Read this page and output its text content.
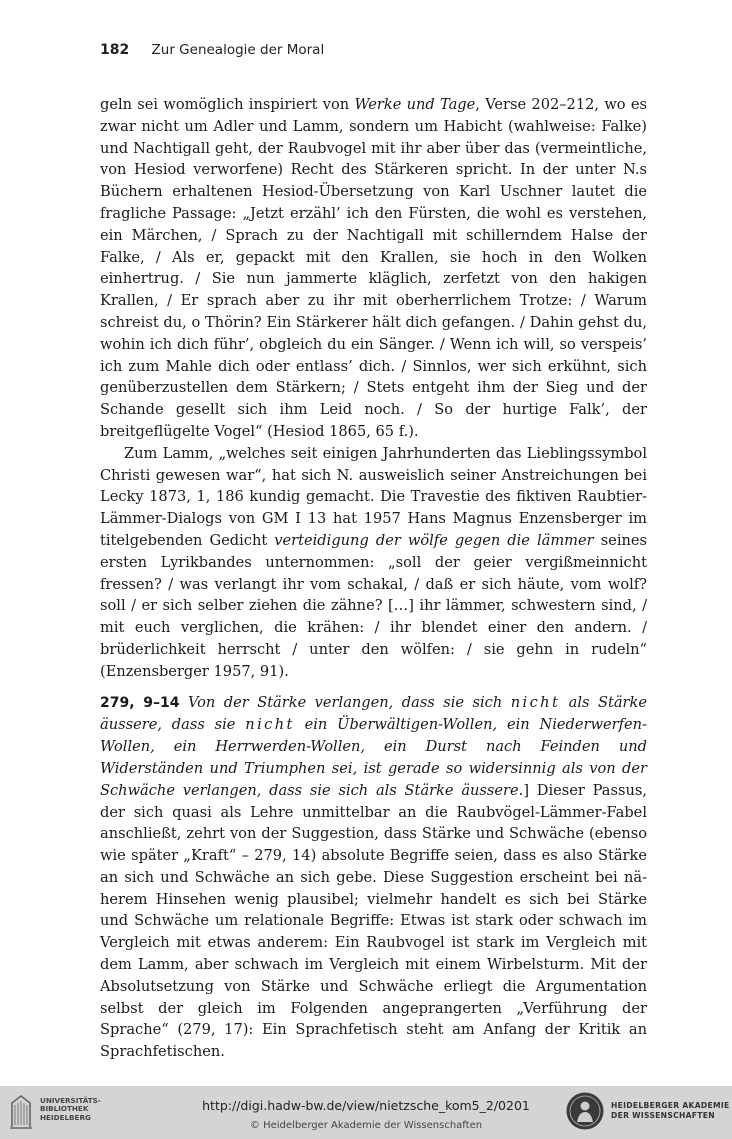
182 Zur Genealogie der Moral

geln sei womöglich inspiriert von Werke und Tage, Verse 202–212, wo es zwar nicht um Adler und Lamm, sondern um Habicht (wahlweise: Falke) und Nachtigall geht, der Raubvogel mit ihr aber über das (vermeintliche, von Hesiod verworfene) Recht des Stärkeren spricht. In der unter N.s Büchern erhaltenen Hesiod-Übersetzung von Karl Uschner lautet die fragliche Passage: „Jetzt erzähl’ ich den Fürsten, die wohl es verstehen, ein Märchen, / Sprach zu der Nachtigall mit schillerndem Halse der Falke, / Als er, gepackt mit den Krallen, sie hoch in den Wolken einhertrug. / Sie nun jammerte kläglich, zerfetzt von den hakigen Krallen, / Er sprach aber zu ihr mit oberherrlichem Trotze: / Warum schreist du, o Thörin? Ein Stärkerer hält dich gefangen. / Dahin gehst du, wohin ich dich führ’, obgleich du ein Sänger. / Wenn ich will, so verspeis’ ich zum Mahle dich oder entlass’ dich. / Sinnlos, wer sich erkühnt, sich genüberzustellen dem Stärkern; / Stets entgeht ihm der Sieg und der Schande gesellt sich ihm Leid noch. / So der hurtige Falk’, der breitgeflügelte Vogel“ (Hesiod 1865, 65 f.).

Zum Lamm, „welches seit einigen Jahrhunderten das Lieblingssymbol Christi gewesen war“, hat sich N. ausweislich seiner Anstreichungen bei Lecky 1873, 1, 186 kundig gemacht. Die Travestie des fiktiven Raubtier-Lämmer-Dialogs von GM I 13 hat 1957 Hans Magnus Enzensberger im titelgebenden Gedicht verteidigung der wölfe gegen die lämmer seines ersten Lyrikbandes unternommen: „soll der geier vergißmeinnicht fressen? / was verlangt ihr vom schakal, / daß er sich häute, vom wolf? soll / er sich selber ziehen die zähne? […] ihr lämmer, schwestern sind, / mit euch verglichen, die krähen: / ihr blendet einer den andern. / brüderlichkeit herrscht / unter den wölfen: / sie gehn in rudeln“ (Enzensberger 1957, 91).

279, 9–14 Von der Stärke verlangen, dass sie sich nicht als Stärke äussere, dass sie nicht ein Überwältigen-Wollen, ein Niederwerfen-Wollen, ein Herrwerden-Wollen, ein Durst nach Feinden und Widerständen und Triumphen sei, ist gerade so widersinnig als von der Schwäche verlangen, dass sie sich als Stärke äussere.] Dieser Passus, der sich quasi als Lehre unmittelbar an die Raubvögel-Lämmer-Fabel anschließt, zehrt von der Suggestion, dass Stärke und Schwäche (ebenso wie später „Kraft“ – 279, 14) absolute Begriffe seien, dass es also Stärke an sich und Schwäche an sich gebe. Diese Suggestion erscheint bei näherem Hinsehen wenig plausibel; vielmehr handelt es sich bei Stärke und Schwäche um relationale Begriffe: Etwas ist stark oder schwach im Vergleich mit etwas anderem: Ein Raubvogel ist stark im Vergleich mit dem Lamm, aber schwach im Vergleich mit einem Wirbelsturm. Mit der Absolutsetzung von Stärke und Schwäche erliegt die Argumentation selbst der gleich im Folgenden angeprangerten „Verführung der Sprache“ (279, 17): Ein Sprachfetisch steht am Anfang der Kritik an Sprachfetischen.

UNIVERSITÄTS-
BIBLIOTHEK
HEIDELBERG
http://digi.hadw-bw.de/view/nietzsche_kom5_2/0201
© Heidelberger Akademie der Wissenschaften
HEIDELBERGER AKADEMIE
DER WISSENSCHAFTEN
